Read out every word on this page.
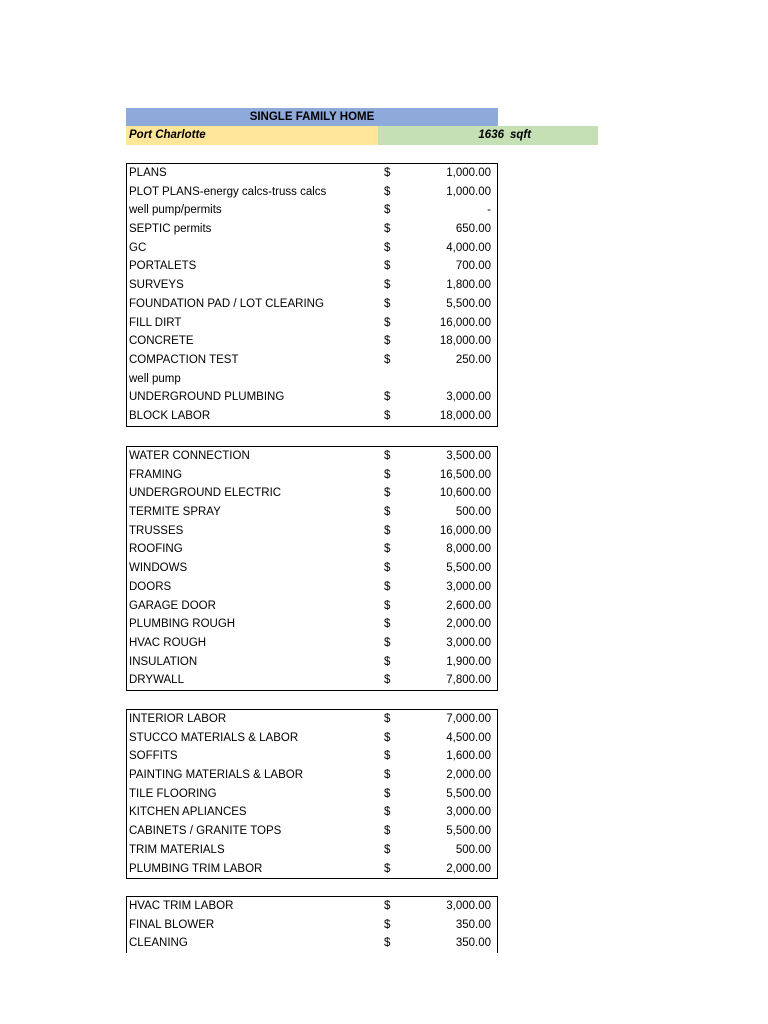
SINGLE FAMILY HOME
Port Charlotte	1636 sqft
PLANS	$	1,000.00
PLOT PLANS-energy calcs-truss calcs	$	1,000.00
well pump/permits	$	-
SEPTIC permits	$	650.00
GC	$	4,000.00
PORTALETS	$	700.00
SURVEYS	$	1,800.00
FOUNDATION PAD / LOT CLEARING	$	5,500.00
FILL DIRT	$	16,000.00
CONCRETE	$	18,000.00
COMPACTION TEST	$	250.00
well pump
UNDERGROUND PLUMBING	$	3,000.00
BLOCK LABOR	$	18,000.00
WATER CONNECTION	$	3,500.00
FRAMING	$	16,500.00
UNDERGROUND ELECTRIC	$	10,600.00
TERMITE SPRAY	$	500.00
TRUSSES	$	16,000.00
ROOFING	$	8,000.00
WINDOWS	$	5,500.00
DOORS	$	3,000.00
GARAGE DOOR	$	2,600.00
PLUMBING ROUGH	$	2,000.00
HVAC ROUGH	$	3,000.00
INSULATION	$	1,900.00
DRYWALL	$	7,800.00
INTERIOR LABOR	$	7,000.00
STUCCO MATERIALS & LABOR	$	4,500.00
SOFFITS	$	1,600.00
PAINTING MATERIALS & LABOR	$	2,000.00
TILE FLOORING	$	5,500.00
KITCHEN APLIANCES	$	3,000.00
CABINETS / GRANITE TOPS	$	5,500.00
TRIM MATERIALS	$	500.00
PLUMBING TRIM LABOR	$	2,000.00
HVAC TRIM LABOR	$	3,000.00
FINAL BLOWER	$	350.00
CLEANING	$	350.00
